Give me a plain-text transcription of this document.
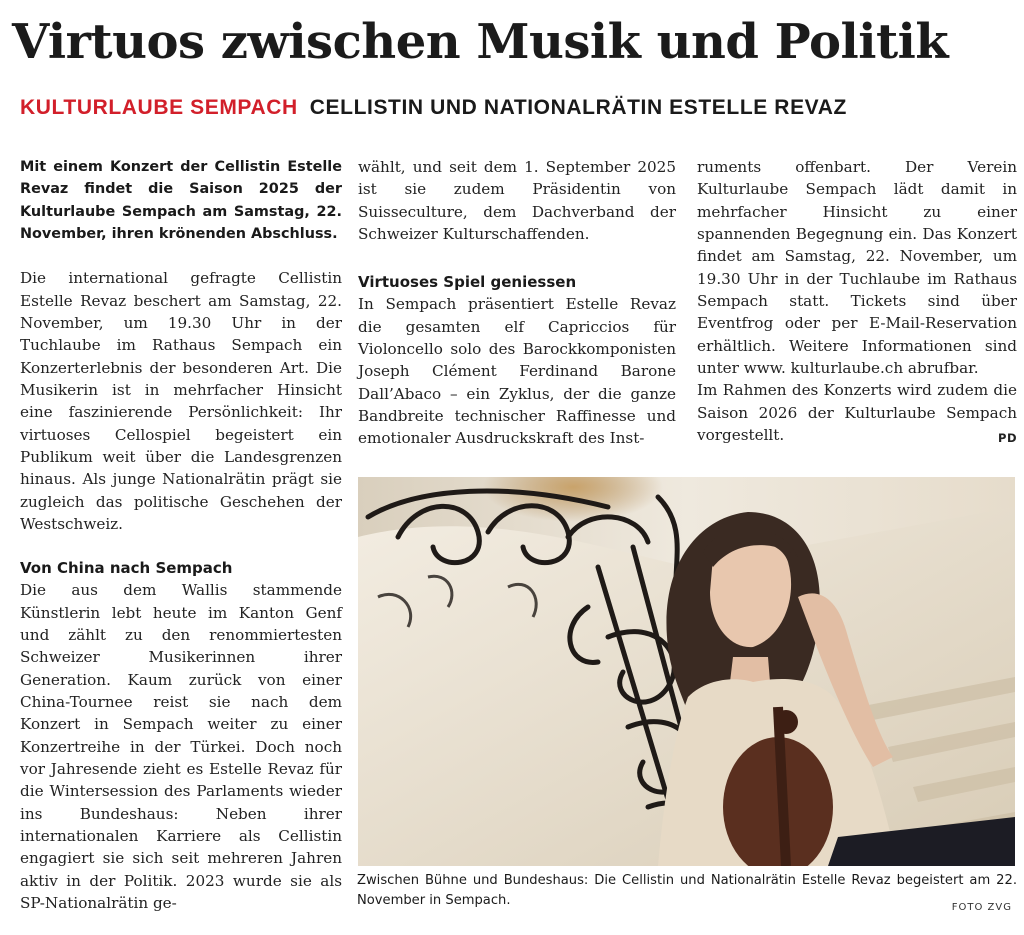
Virtuos zwischen Musik und Politik
KULTURLAUBE SEMPACH CELLISTIN UND NATIONALRÄTIN ESTELLE REVAZ

Mit einem Konzert der Cellistin Estelle Revaz findet die Saison 2025 der Kulturlaube Sempach am Samstag, 22. November, ihren krönenden Abschluss.

Die international gefragte Cellistin Estelle Revaz beschert am Samstag, 22. November, um 19.30 Uhr in der Tuchlaube im Rathaus Sempach ein Konzerterlebnis der besonderen Art. Die Musikerin ist in mehrfacher Hinsicht eine faszinierende Persönlichkeit: Ihr virtuoses Cellospiel begeistert ein Publikum weit über die Landesgrenzen hinaus. Als junge Nationalrätin prägt sie zugleich das politische Geschehen der Westschweiz.

Von China nach Sempach

Die aus dem Wallis stammende Künstlerin lebt heute im Kanton Genf und zählt zu den renommiertesten Schweizer Musikerinnen ihrer Generation. Kaum zurück von einer China-Tournee reist sie nach dem Konzert in Sempach weiter zu einer Konzertreihe in der Türkei. Doch noch vor Jahresende zieht es Estelle Revaz für die Wintersession des Parlaments wieder ins Bundeshaus: Neben ihrer internationalen Karriere als Cellistin engagiert sie sich seit mehreren Jahren aktiv in der Politik. 2023 wurde sie als SP-Nationalrätin ge-

wählt, und seit dem 1. September 2025 ist sie zudem Präsidentin von Suisseculture, dem Dachverband der Schweizer Kulturschaffenden.

Virtuoses Spiel geniessen

In Sempach präsentiert Estelle Revaz die gesamten elf Capriccios für Violoncello solo des Barockkomponisten Joseph Clément Ferdinand Barone Dall’Abaco – ein Zyklus, der die ganze Bandbreite technischer Raffinesse und emotionaler Ausdruckskraft des Inst-

ruments offenbart. Der Verein Kulturlaube Sempach lädt damit in mehrfacher Hinsicht zu einer spannenden Begegnung ein. Das Konzert findet am Samstag, 22. November, um 19.30 Uhr in der Tuchlaube im Rathaus Sempach statt. Tickets sind über Eventfrog oder per E-Mail-Reservation erhältlich. Weitere Informationen sind unter www. kulturlaube.ch abrufbar.

Im Rahmen des Konzerts wird zudem die Saison 2026 der Kulturlaube Sempach vorgestellt.	PD

Zwischen Bühne und Bundeshaus: Die Cellistin und Nationalrätin Estelle Revaz begeistert am 22. November in Sempach.	FOTO ZVG
